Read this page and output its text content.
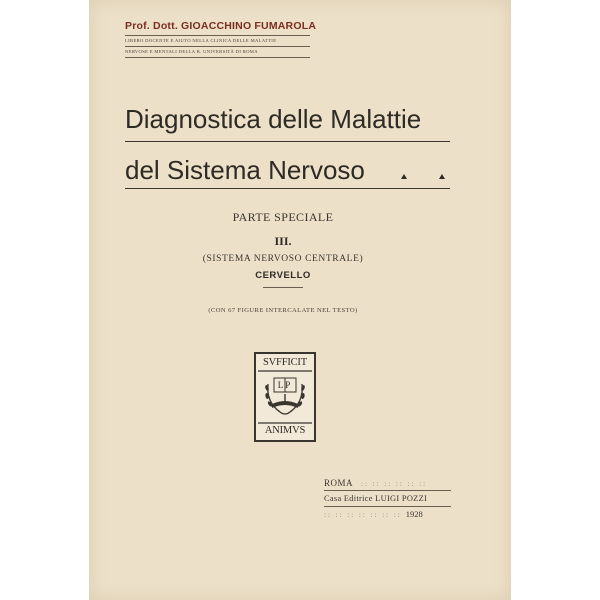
Prof. Dott. GIOACCHINO FUMAROLA
LIBERO DOCENTE E AIUTO NELLA CLINICA DELLE MALATTIE
NERVOSE E MENTALI DELLA R. UNIVERSITÀ DI ROMA
Diagnostica delle Malattie
del Sistema Nervoso
PARTE SPECIALE
III.
(SISTEMA NERVOSO CENTRALE)
CERVELLO
(CON 67 FIGURE INTERCALATE NEL TESTO)
SVFFICIT
LP
ANIMVS
ROMA :: :: :: :: :: ::
Casa Editrice LUIGI POZZI
:: :: :: :: :: :: :: 1928
